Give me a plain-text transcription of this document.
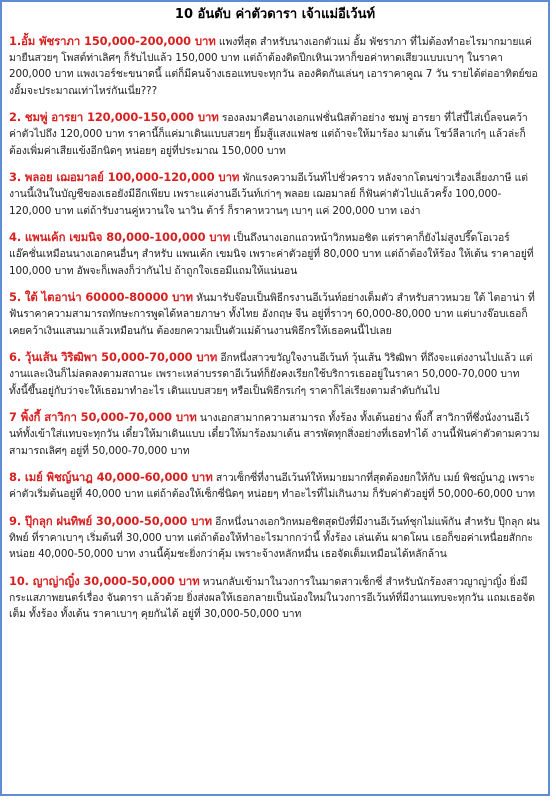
10 อันดับ ค่าตัวดารา เจ้าแม่อีเว้นท์

1.อั้ม พัชราภา 150,000-200,000 บาท แพงที่สุด สำหรับนางเอกตัวแม่ อั้ม พัชราภา ที่ไม่ต้องทำอะไรมากมายแค่มายืนสวยๆ โพสต์ท่าเลิศๆ ก็รับไปแล้ว 150,000 บาท แต่ถ้าต้องติดปีกเหินเวหาก็ขอค่าหาดเสียวแบบเบาๆ ในราคา 200,000 บาท แพงเวอร์ชะขนาดนี้ แต่ก็มีคนจ้างเธอแทบจะทุกวัน ลองคิดกันเล่นๆ เอาราคาคูณ 7 วัน รายได้ต่ออาทิตย์ของอั้มจะประมาณเท่าไหร่กันเนี่ย???

2. ชมพู่ อารยา 120,000-150,000 บาท รองลงมาคือนางเอกแฟชั่นนิสต้าอย่าง ชมพู่ อารยา ที่ไส่บี้ไส่เบิ้ลจนคว้าค่าตัวไปถึง 120,000 บาท ราคานี้ก็แค่มาเดินแบบสวยๆ ยิ้มสู้แสงแฟลช แต่ถ้าจะให้มาร้อง มาเต้น โชว์ลีลาเก๋ๆ แล้วล่ะก็ ต้องเพิ่มค่าเสียแข้งอีกนิดๆ หน่อยๆ อยู่ที่ประมาณ 150,000 บาท

3. พลอย เฌอมาลย์ 100,000-120,000 บาท พักแรงความอีเว้นท์ไปชั่วคราว หลังจากโดนข่าวเรื่องเลี่ยงภาษี แต่งานนี้เงินในบัญชีของเธอยังมีอีกเพียบ เพราะแค่งานอีเว้นท์เก่าๆ พลอย เฌอมาลย์ ก็ฟันค่าตัวไปแล้วครั้ง 100,000-120,000 บาท แต่ถ้ารับงานคู่หวานใจ นาวิน ต้าร์ ก็ราคาหวานๆ เบาๆ แค่ 200,000 บาท เอง่า

4. แพนเค้ก เขมนิจ 80,000-100,000 บาท เป็นถึงนางเอกแถวหน้าวิกหมอชิต แต่ราคาก็ยังไม่สูงปรี๊ดโอเวอร์แอ๊คชั่นเหมือนนางเอกคนอื่นๆ สำหรับ แพนเค้ก เขมนิจ เพราะค่าตัวอยู่ที่ 80,000 บาท แต่ถ้าต้องให้ร้อง ให้เต้น ราคาอยู่ที่ 100,000 บาท อัพจะก็เพลงก็ว่ากันไป ถ้าถูกใจเธอมีแถมให้แน่นอน

5. ใต้ ไตอาน่า 60000-80000 บาท หันมารับจ๊อบเป็นพิธีกรงานอีเว้นท์อย่างเต็มตัว สำหรับสาวหมวย ใต้ ไตอาน่า ที่ฟันราคาความสามารถทักษะการพูดได้หลายภาษา ทั้งไทย อังกฤษ จีน อยู่ที่ราวๆ 60,000-80,000 บาท แต่บางจ๊อบเธอก็เคยคว้าเงินแสนมาแล้วเหมือนกัน ต้องยกความเป็นตัวแม่ด้านงานพิธีกรให้เธอคนนี้ไปเลย

6. วุ้นเส้น วิริฒิพา 50,000-70,000 บาท อีกหนึ่งสาวขวัญใจงานอีเว้นท์ วุ้นเส้น วิริฒิพา ที่ถึงจะแต่งงานไปแล้ว แต่งานและเงินก็ไม่ลดลงตามสถานะ เพราะเหล่าบรรดาอีเว้นท์ก็ยังคงเรียกใช้บริการเธออยู่ในราคา 50,000-70,000 บาท ทั้งนี้ขึ้นอยู่กับว่าจะให้เธอมาทำอะไร เดินแบบสวยๆ หรือเป็นพิธีกรเก๋ๆ ราคาก็ไล่เรียงตามลำดับกันไป

7 พิ้งกี้ สาวิกา 50,000-70,000 บาท นางเอกสามากความสามารถ ทั้งร้อง ทั้งเต้นอย่าง พิ้งกี้ สาวิกาที่ซึ่งนั่งงานอีเว้นท์ทั้งเข้าใส่แทบจะทุกวัน เดี๋ยวให้มาเดินแบบ เดี๋ยวให้มาร้องมาเต้น สารพัดทุกสิ่งอย่างที่เธอทำได้ งานนี้ฟันค่าตัวตามความสามารถเลิศๆ อยู่ที่ 50,000-70,000 บาท

8. เมย์ พิชญ์นาฎ 40,000-60,000 บาท สาวเซ็กซี่ที่งานอีเว้นท์ให้หมายมากที่สุดต้องยกให้กับ เมย์ พิชญ์นาฎ เพราะค่าตัวเริ่มต้นอยู่ที่ 40,000 บาท แต่ถ้าต้องให้เซ็กซี่นิดๆ หน่อยๆ ทำอะไรที่ไม่เกินงาม ก็รับค่าตัวอยู่ที่ 50,000-60,000 บาท

9. ปุ๊กลุก ฝนทิพย์ 30,000-50,000 บาท อีกหนึ่งนางเอกวิกหมอชิตสุดปังที่มีงานอีเว้นท์ชุกไม่แพ้กัน สำหรับ ปุ๊กลุก ฝนทิพย์ ที่ราคาเบาๆ เริ่มต้นที่ 30,000 บาท แต่ถ้าต้องให้ทำอะไรมากกว่านี้ ทั้งร้อง เล่นเต้น ผาดโผน เธอก็ขอค่าเหนื่อยสักกะหน่อย 40,000-50,000 บาท งานนี้คุ้มชะยิ่งกว่าคุ้ม เพราะจ้างหลักหมื่น เธอจัดเต็มเหมือนได้หลักล้าน

10. ญาญ่าญิ๋ง 30,000-50,000 บาท หวนกลับเข้ามาในวงการในมาดสาวเซ็กซี่ สำหรับนักร้องสาวญาญ่าญิ๋ง ยิ่งมีกระแสภาพยนตร์เรื่อง จันดารา แล้วด้วย ยิ่งส่งผลให้เธอกลายเป็นน้องใหม่ในวงการอีเว้นท์ที่มีงานแทบจะทุกวัน แถมเธอจัดเต็ม ทั้งร้อง ทั้งเต้น ราคาเบาๆ คุยกันได้ อยู่ที่ 30,000-50,000 บาท
